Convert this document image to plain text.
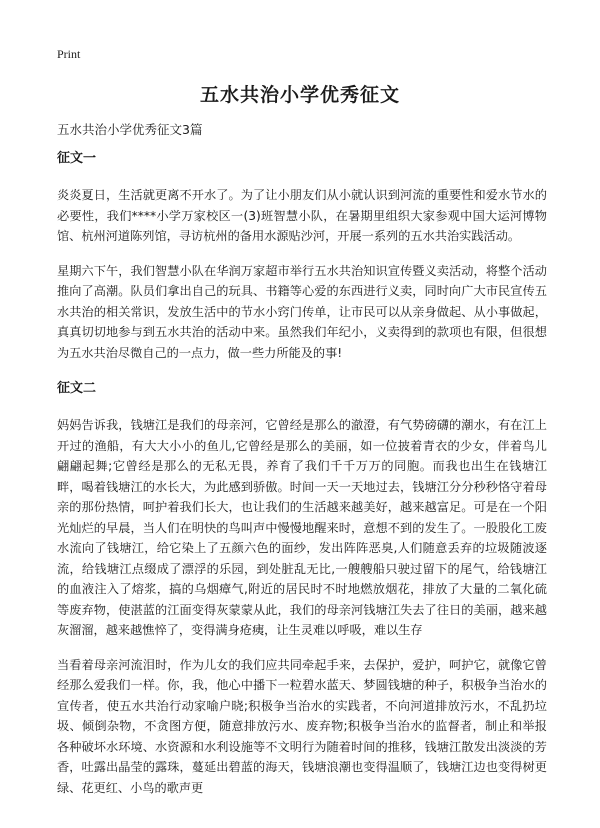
Print
五水共治小学优秀征文

五水共治小学优秀征文3篇

征文一

炎炎夏日，生活就更离不开水了。为了让小朋友们从小就认识到河流的重要性和爱水节水的必要性，我们****小学万家校区一(3)班智慧小队，在暑期里组织大家参观中国大运河博物馆、杭州河道陈列馆，寻访杭州的备用水源贴沙河，开展一系列的五水共治实践活动。

星期六下午，我们智慧小队在华润万家超市举行五水共治知识宣传暨义卖活动，将整个活动推向了高潮。队员们拿出自己的玩具、书籍等心爱的东西进行义卖，同时向广大市民宣传五水共治的相关常识，发放生活中的节水小窍门传单，让市民可以从亲身做起、从小事做起，真真切切地参与到五水共治的活动中来。虽然我们年纪小，义卖得到的款项也有限，但很想为五水共治尽微自己的一点力，做一些力所能及的事!

征文二

妈妈告诉我，钱塘江是我们的母亲河，它曾经是那么的澈澄，有气势磅礴的潮水，有在江上开过的渔船，有大大小小的鱼儿,它曾经是那么的美丽，如一位披着青衣的少女，伴着鸟儿翩翩起舞;它曾经是那么的无私无畏，养育了我们千千万万的同胞。而我也出生在钱塘江畔，喝着钱塘江的水长大，为此感到骄傲。时间一天一天地过去，钱塘江分分秒秒恪守着母亲的那份热情，呵护着我们长大，也让我们的生活越来越美好，越来越富足。可是在一个阳光灿烂的早晨，当人们在明快的鸟叫声中慢慢地醒来时，意想不到的发生了。一股股化工废水流向了钱塘江，给它染上了五颜六色的面纱，发出阵阵恶臭,人们随意丢弃的垃圾随波逐流，给钱塘江点缀成了漂浮的乐园，到处脏乱无比,一艘艘船只驶过留下的尾气，给钱塘江的血液注入了熔浆，搞的乌烟瘴气,附近的居民时不时地燃放烟花，排放了大量的二氧化硫等废弃物，使湛蓝的江面变得灰蒙蒙从此，我们的母亲河钱塘江失去了往日的美丽，越来越灰溜溜，越来越憔悴了，变得满身疮痍，让生灵难以呼吸，难以生存

当看着母亲河流泪时，作为儿女的我们应共同牵起手来，去保护，爱护，呵护它，就像它曾经那么爱我们一样。你，我，他心中播下一粒碧水蓝天、梦圆钱塘的种子，积极争当治水的宣传者，使五水共治行动家喻户晓;积极争当治水的实践者，不向河道排放污水，不乱扔垃圾、倾倒杂物，不贪图方便，随意排放污水、废弃物;积极争当治水的监督者，制止和举报各种破坏水环境、水资源和水利设施等不文明行为随着时间的推移，钱塘江散发出淡淡的芳香，吐露出晶莹的露珠，蔓延出碧蓝的海天，钱塘浪潮也变得温顺了，钱塘江边也变得树更绿、花更红、小鸟的歌声更
